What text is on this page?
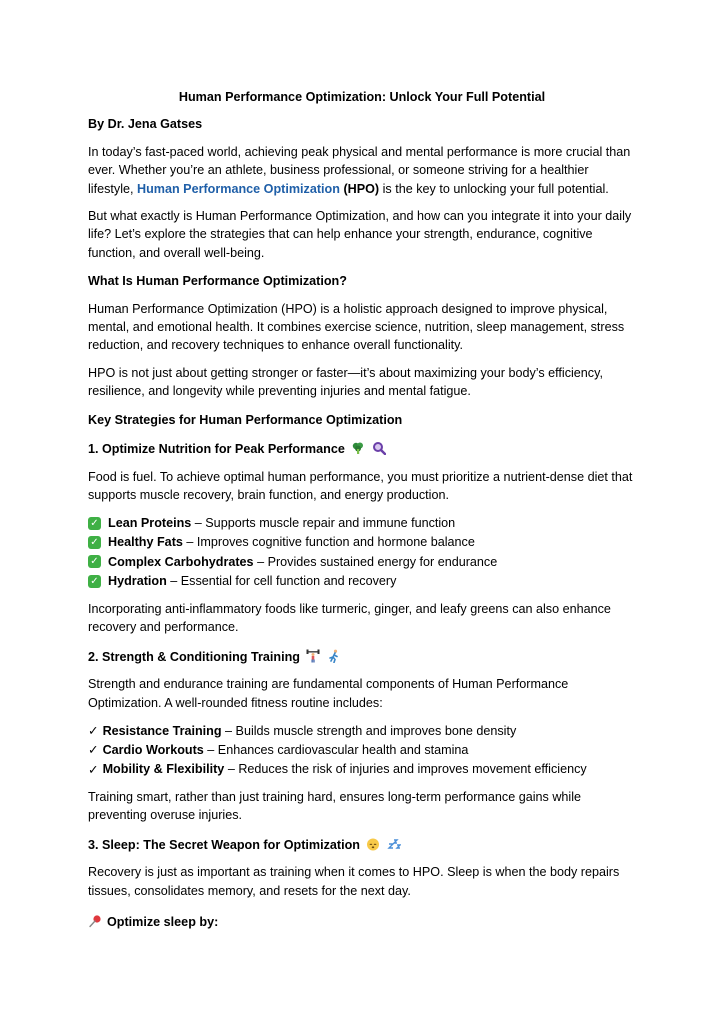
Human Performance Optimization: Unlock Your Full Potential

By Dr. Jena Gatses

In today’s fast-paced world, achieving peak physical and mental performance is more crucial than ever. Whether you’re an athlete, business professional, or someone striving for a healthier lifestyle, Human Performance Optimization (HPO) is the key to unlocking your full potential.

But what exactly is Human Performance Optimization, and how can you integrate it into your daily life? Let’s explore the strategies that can help enhance your strength, endurance, cognitive function, and overall well-being.

What Is Human Performance Optimization?

Human Performance Optimization (HPO) is a holistic approach designed to improve physical, mental, and emotional health. It combines exercise science, nutrition, sleep management, stress reduction, and recovery techniques to enhance overall functionality.

HPO is not just about getting stronger or faster—it’s about maximizing your body’s efficiency, resilience, and longevity while preventing injuries and mental fatigue.

Key Strategies for Human Performance Optimization

1. Optimize Nutrition for Peak Performance

Food is fuel. To achieve optimal human performance, you must prioritize a nutrient-dense diet that supports muscle recovery, brain function, and energy production.

✓ Lean Proteins
– Supports muscle repair and immune function
✓ Healthy Fats
– Improves cognitive function and hormone balance
✓ Complex Carbohydrates
– Provides sustained energy for endurance
✓ Hydration
– Essential for cell function and recovery

Incorporating anti-inflammatory foods like turmeric, ginger, and leafy greens can also enhance recovery and performance.

2. Strength & Conditioning Training

Strength and endurance training are fundamental components of Human Performance Optimization. A well-rounded fitness routine includes:

✓ Resistance Training
– Builds muscle strength and improves bone density
✓ Cardio Workouts
– Enhances cardiovascular health and stamina
✓ Mobility & Flexibility
– Reduces the risk of injuries and improves movement efficiency

Training smart, rather than just training hard, ensures long-term performance gains while preventing overuse injuries.

3. Sleep: The Secret Weapon for Optimization

Recovery is just as important as training when it comes to HPO. Sleep is when the body repairs tissues, consolidates memory, and resets for the next day.

Optimize sleep by:
